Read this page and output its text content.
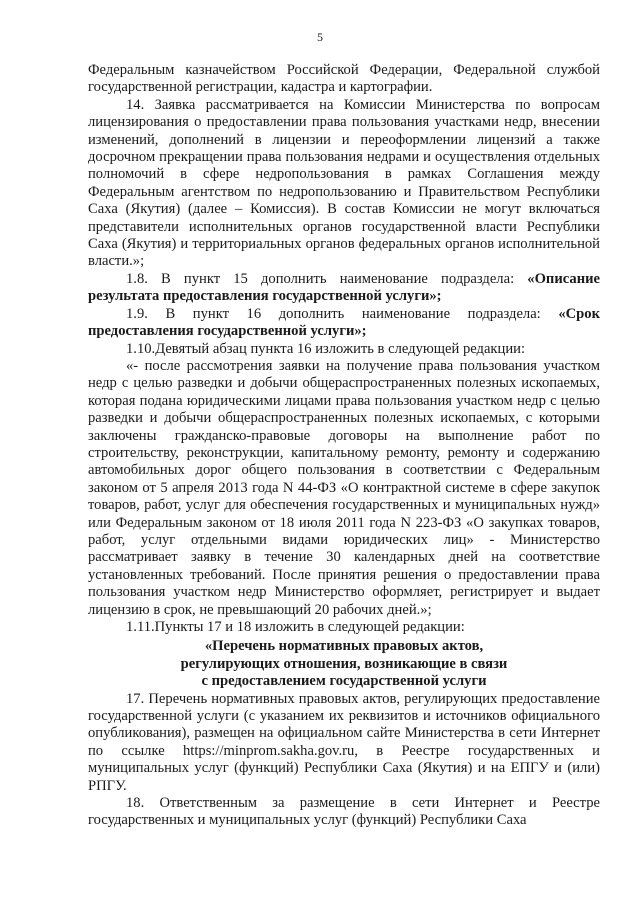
5

Федеральным казначейством Российской Федерации, Федеральной службой государственной регистрации, кадастра и картографии.

14. Заявка рассматривается на Комиссии Министерства по вопросам лицензирования о предоставлении права пользования участками недр, внесении изменений, дополнений в лицензии и переоформлении лицензий а также досрочном прекращении права пользования недрами и осуществления отдельных полномочий в сфере недропользования в рамках Соглашения между Федеральным агентством по недропользованию и Правительством Республики Саха (Якутия) (далее – Комиссия). В состав Комиссии не могут включаться представители исполнительных органов государственной власти Республики Саха (Якутия) и территориальных органов федеральных органов исполнительной власти.»;

1.8. В пункт 15 дополнить наименование подраздела: «Описание результата предоставления государственной услуги»;

1.9. В пункт 16 дополнить наименование подраздела: «Срок предоставления государственной услуги»;

1.10.Девятый абзац пункта 16 изложить в следующей редакции:

«- после рассмотрения заявки на получение права пользования участком недр с целью разведки и добычи общераспространенных полезных ископаемых, которая подана юридическими лицами права пользования участком недр с целью разведки и добычи общераспространенных полезных ископаемых, с которыми заключены гражданско-правовые договоры на выполнение работ по строительству, реконструкции, капитальному ремонту, ремонту и содержанию автомобильных дорог общего пользования в соответствии с Федеральным законом от 5 апреля 2013 года N 44-ФЗ «О контрактной системе в сфере закупок товаров, работ, услуг для обеспечения государственных и муниципальных нужд» или Федеральным законом от 18 июля 2011 года N 223-ФЗ «О закупках товаров, работ, услуг отдельными видами юридических лиц» - Министерство рассматривает заявку в течение 30 календарных дней на соответствие установленных требований. После принятия решения о предоставлении права пользования участком недр Министерство оформляет, регистрирует и выдает лицензию в срок, не превышающий 20 рабочих дней.»;

1.11.Пункты 17 и 18 изложить в следующей редакции:

«Перечень нормативных правовых актов,

регулирующих отношения, возникающие в связи

с предоставлением государственной услуги

17. Перечень нормативных правовых актов, регулирующих предоставление государственной услуги (с указанием их реквизитов и источников официального опубликования), размещен на официальном сайте Министерства в сети Интернет по ссылке https://minprom.sakha.gov.ru, в Реестре государственных и муниципальных услуг (функций) Республики Саха (Якутия) и на ЕПГУ и (или) РПГУ.

18. Ответственным за размещение в сети Интернет и Реестре государственных и муниципальных услуг (функций) Республики Саха
